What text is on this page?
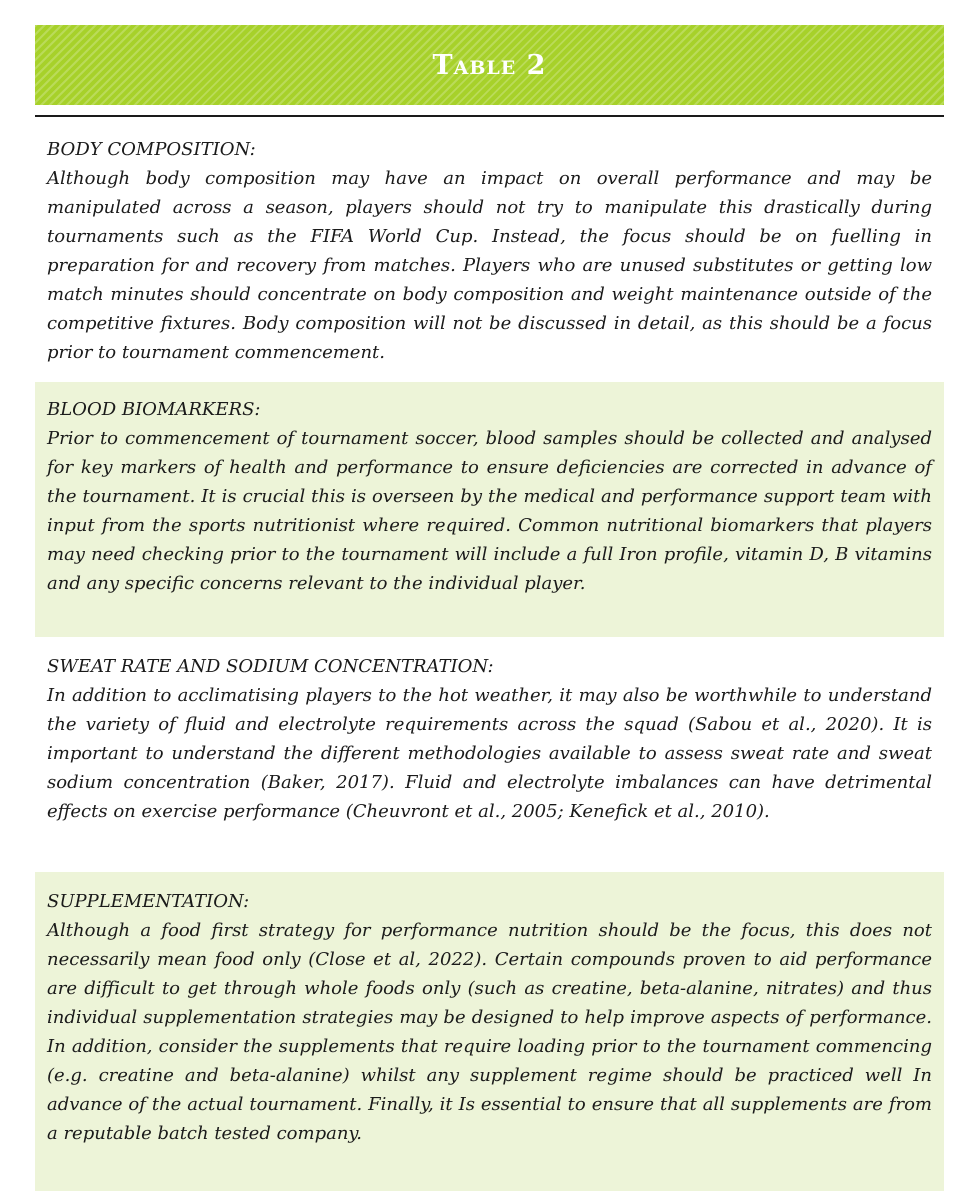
Table 2

BODY COMPOSITION:

Although body composition may have an impact on overall performance and may be manipulated across a season, players should not try to manipulate this drastically during tournaments such as the FIFA World Cup. Instead, the focus should be on fuelling in preparation for and recovery from matches. Players who are unused substitutes or getting low match minutes should concentrate on body composition and weight maintenance outside of the competitive fixtures. Body composition will not be discussed in detail, as this should be a focus prior to tournament commencement.

BLOOD BIOMARKERS:

Prior to commencement of tournament soccer, blood samples should be collected and analysed for key markers of health and performance to ensure deficiencies are corrected in advance of the tournament. It is crucial this is overseen by the medical and performance support team with input from the sports nutritionist where required. Common nutritional biomarkers that players may need checking prior to the tournament will include a full Iron profile, vitamin D, B vitamins and any specific concerns relevant to the individual player.

SWEAT RATE AND SODIUM CONCENTRATION:

In addition to acclimatising players to the hot weather, it may also be worthwhile to understand the variety of fluid and electrolyte requirements across the squad (Sabou et al., 2020). It is important to understand the different methodologies available to assess sweat rate and sweat sodium concentration (Baker, 2017). Fluid and electrolyte imbalances can have detrimental effects on exercise performance (Cheuvront et al., 2005; Kenefick et al., 2010).

SUPPLEMENTATION:

Although a food first strategy for performance nutrition should be the focus, this does not necessarily mean food only (Close et al, 2022). Certain compounds proven to aid performance are difficult to get through whole foods only (such as creatine, beta-alanine, nitrates) and thus individual supplementation strategies may be designed to help improve aspects of performance. In addition, consider the supplements that require loading prior to the tournament commencing (e.g. creatine and beta-alanine) whilst any supplement regime should be practiced well In advance of the actual tournament. Finally, it Is essential to ensure that all supplements are from a reputable batch tested company.
